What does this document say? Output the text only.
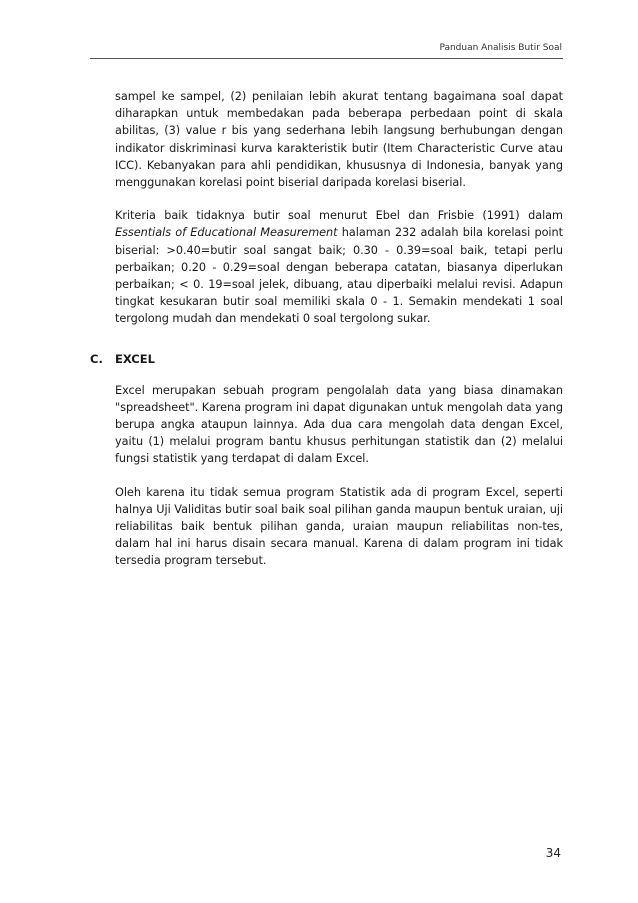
Panduan Analisis Butir Soal

sampel ke sampel, (2) penilaian lebih akurat tentang bagaimana soal dapat diharapkan untuk membedakan pada beberapa perbedaan point di skala abilitas, (3) value r bis yang sederhana lebih langsung berhubungan dengan indikator diskriminasi kurva karakteristik butir (Item Characteristic Curve atau ICC). Kebanyakan para ahli pendidikan, khususnya di Indonesia, banyak yang menggunakan korelasi point biserial daripada korelasi biserial.

Kriteria baik tidaknya butir soal menurut Ebel dan Frisbie (1991) dalam Essentials of Educational Measurement halaman 232 adalah bila korelasi point biserial: >0.40=butir soal sangat baik; 0.30 - 0.39=soal baik, tetapi perlu perbaikan; 0.20 - 0.29=soal dengan beberapa catatan, biasanya diperlukan perbaikan; < 0. 19=soal jelek, dibuang, atau diperbaiki melalui revisi. Adapun tingkat kesukaran butir soal memiliki skala 0 - 1. Semakin mendekati 1 soal tergolong mudah dan mendekati 0 soal tergolong sukar.

C. EXCEL

Excel merupakan sebuah program pengolalah data yang biasa dinamakan "spreadsheet". Karena program ini dapat digunakan untuk mengolah data yang berupa angka ataupun lainnya. Ada dua cara mengolah data dengan Excel, yaitu (1) melalui program bantu khusus perhitungan statistik dan (2) melalui fungsi statistik yang terdapat di dalam Excel.

Oleh karena itu tidak semua program Statistik ada di program Excel, seperti halnya Uji Validitas butir soal baik soal pilihan ganda maupun bentuk uraian, uji reliabilitas baik bentuk pilihan ganda, uraian maupun reliabilitas non-tes, dalam hal ini harus disain secara manual. Karena di dalam program ini tidak tersedia program tersebut.

34
